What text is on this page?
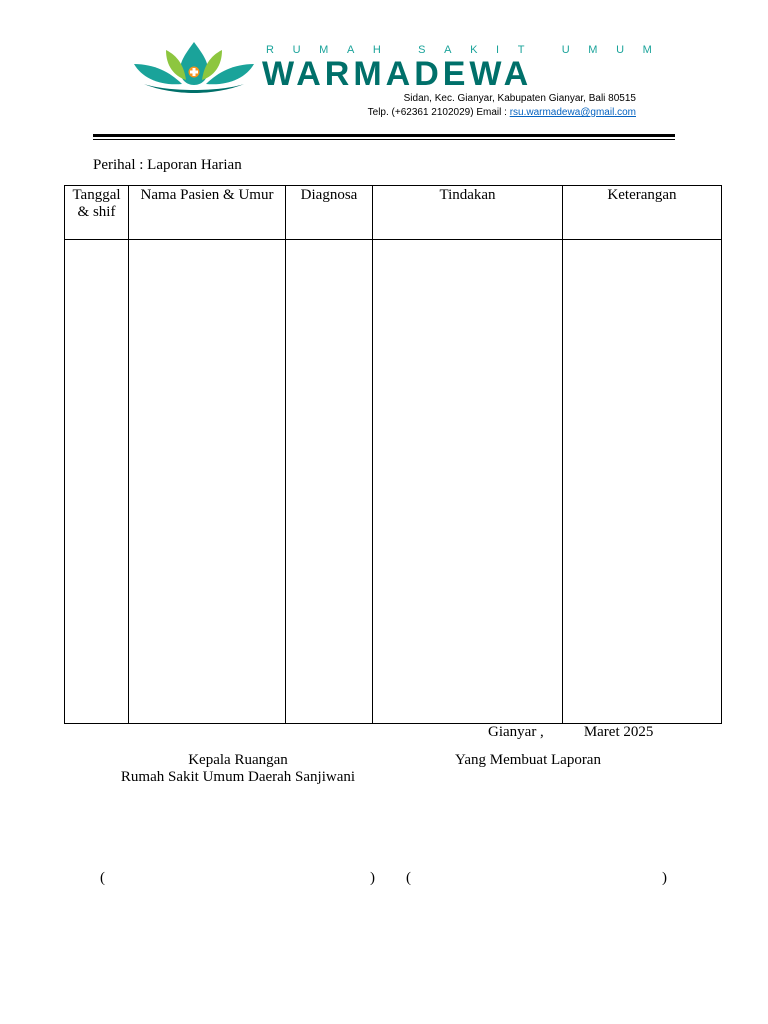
R U M A H	S A K I T	U M U M
WARMADEWA
Sidan, Kec. Gianyar, Kabupaten Gianyar, Bali 80515
Telp. (+62361 2102029) Email : rsu.warmadewa@gmail.com
Perihal : Laporan Harian
Tanggal & shif	Nama Pasien & Umur	Diagnosa	Tindakan	Keterangan

Gianyar ,	Maret 2025
Kepala Ruangan
Rumah Sakit Umum Daerah Sanjiwani
Yang Membuat Laporan
(	) (	)
